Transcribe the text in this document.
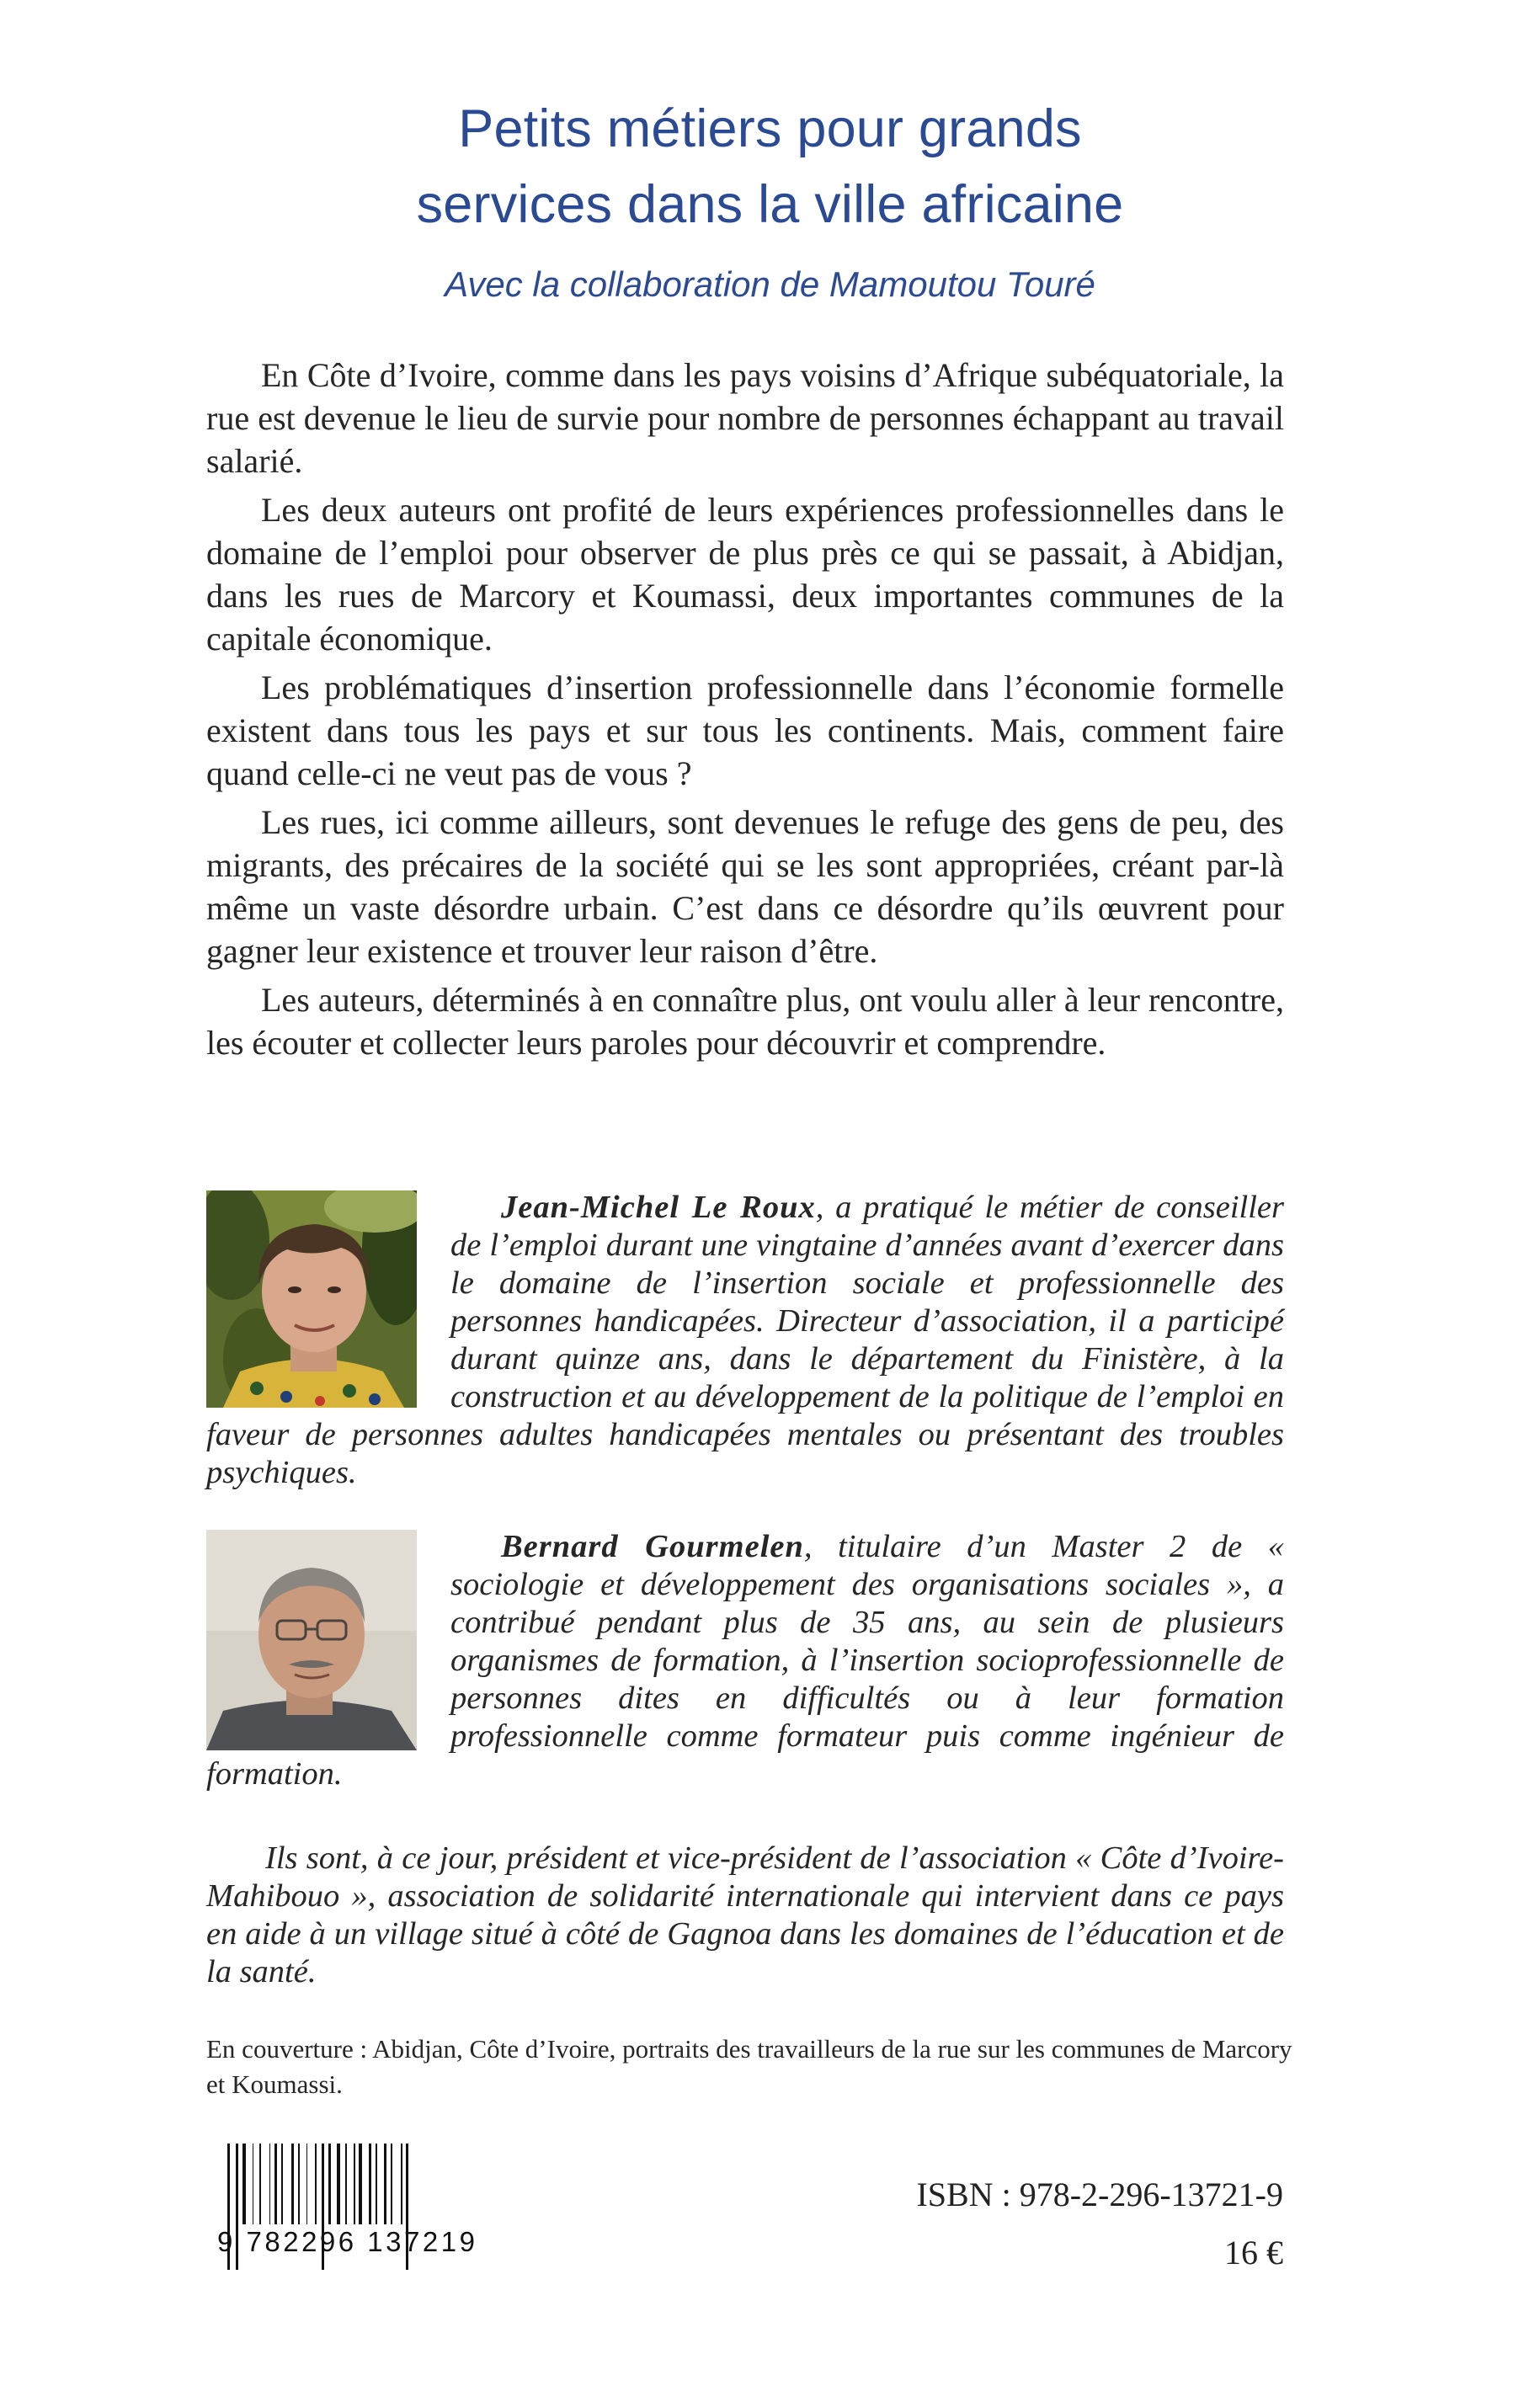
Petits métiers pour grands
services dans la ville africaine
Avec la collaboration de Mamoutou Touré

En Côte d’Ivoire, comme dans les pays voisins d’Afrique subéquatoriale, la rue est devenue le lieu de survie pour nombre de personnes échappant au travail salarié.

Les deux auteurs ont profité de leurs expériences professionnelles dans le domaine de l’emploi pour observer de plus près ce qui se passait, à Abidjan, dans les rues de Marcory et Koumassi, deux importantes communes de la capitale économique.

Les problématiques d’insertion professionnelle dans l’économie formelle existent dans tous les pays et sur tous les continents. Mais, comment faire quand celle-ci ne veut pas de vous ?

Les rues, ici comme ailleurs, sont devenues le refuge des gens de peu, des migrants, des précaires de la société qui se les sont appropriées, créant par-là même un vaste désordre urbain. C’est dans ce désordre qu’ils œuvrent pour gagner leur existence et trouver leur raison d’être.

Les auteurs, déterminés à en connaître plus, ont voulu aller à leur rencontre, les écouter et collecter leurs paroles pour découvrir et comprendre.

Jean-Michel Le Roux, a pratiqué le métier de conseiller de l’emploi durant une vingtaine d’années avant d’exercer dans le domaine de l’insertion sociale et professionnelle des personnes handicapées. Directeur d’association, il a participé durant quinze ans, dans le département du Finistère, à la construction et au développement de la politique de l’emploi en faveur de personnes adultes handicapées mentales ou présentant des troubles psychiques.

Bernard Gourmelen, titulaire d’un Master 2 de « sociologie et développement des organisations sociales », a contribué pendant plus de 35 ans, au sein de plusieurs organismes de formation, à l’insertion socioprofessionnelle de personnes dites en difficultés ou à leur formation professionnelle comme formateur puis comme ingénieur de formation.

Ils sont, à ce jour, président et vice-président de l’association « Côte d’Ivoire-Mahibouo », association de solidarité internationale qui intervient dans ce pays en aide à un village situé à côté de Gagnoa dans les domaines de l’éducation et de la santé.

En couverture : Abidjan, Côte d’Ivoire, portraits des travailleurs de la rue sur les communes de Marcory et Koumassi.
9 782296 137219
ISBN : 978-2-296-13721-9
16 €
